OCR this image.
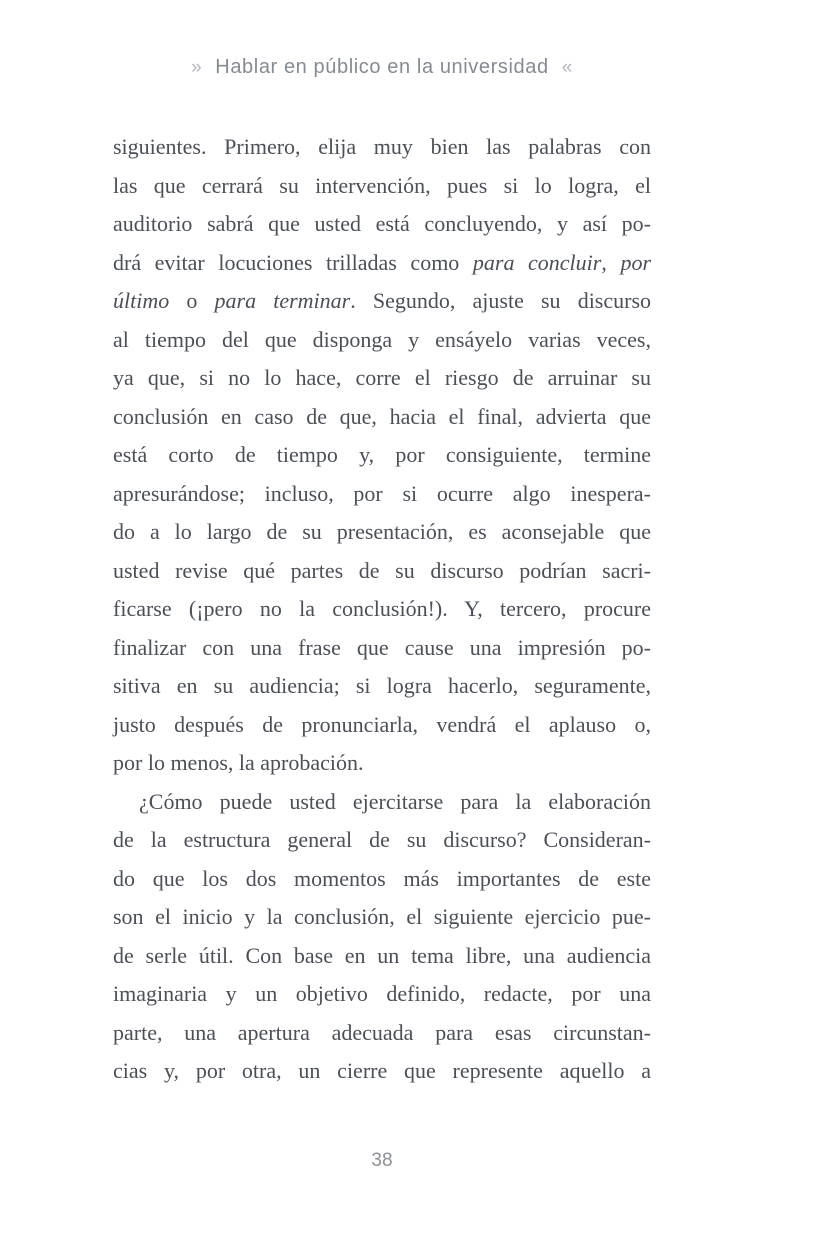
» Hablar en público en la universidad «
siguientes. Primero, elija muy bien las palabras con
las que cerrará su intervención, pues si lo logra, el
auditorio sabrá que usted está concluyendo, y así po-
drá evitar locuciones trilladas como para concluir, por
último o para terminar. Segundo, ajuste su discurso
al tiempo del que disponga y ensáyelo varias veces,
ya que, si no lo hace, corre el riesgo de arruinar su
conclusión en caso de que, hacia el final, advierta que
está corto de tiempo y, por consiguiente, termine
apresurándose; incluso, por si ocurre algo inespera-
do a lo largo de su presentación, es aconsejable que
usted revise qué partes de su discurso podrían sacri-
ficarse (¡pero no la conclusión!). Y, tercero, procure
finalizar con una frase que cause una impresión po-
sitiva en su audiencia; si logra hacerlo, seguramente,
justo después de pronunciarla, vendrá el aplauso o,
por lo menos, la aprobación.
¿Cómo puede usted ejercitarse para la elaboración
de la estructura general de su discurso? Consideran-
do que los dos momentos más importantes de este
son el inicio y la conclusión, el siguiente ejercicio pue-
de serle útil. Con base en un tema libre, una audiencia
imaginaria y un objetivo definido, redacte, por una
parte, una apertura adecuada para esas circunstan-
cias y, por otra, un cierre que represente aquello a
38
